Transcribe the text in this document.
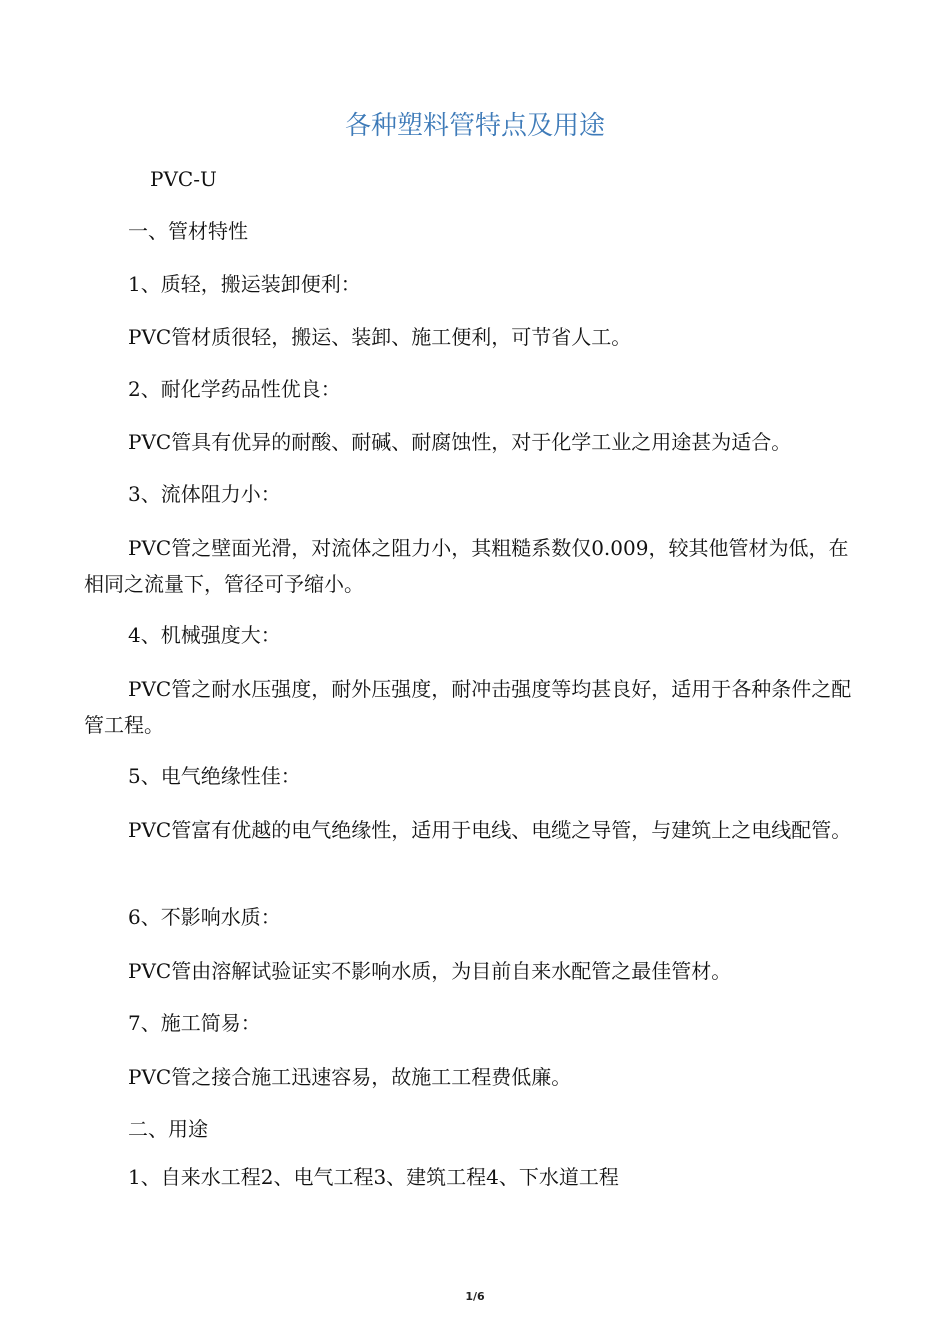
各种塑料管特点及用途

PVC-U

一、管材特性

1、质轻，搬运装卸便利：

PVC管材质很轻，搬运、装卸、施工便利，可节省人工。

2、耐化学药品性优良：

PVC管具有优异的耐酸、耐碱、耐腐蚀性，对于化学工业之用途甚为适合。

3、流体阻力小：

PVC管之壁面光滑，对流体之阻力小，其粗糙系数仅0.009，较其他管材为低，在相同之流量下，管径可予缩小。

4、机械强度大：

PVC管之耐水压强度，耐外压强度，耐冲击强度等均甚良好，适用于各种条件之配管工程。

5、电气绝缘性佳：

PVC管富有优越的电气绝缘性，适用于电线、电缆之导管，与建筑上之电线配管。

6、不影响水质：

PVC管由溶解试验证实不影响水质，为目前自来水配管之最佳管材。

7、施工简易：

PVC管之接合施工迅速容易，故施工工程费低廉。

二、用途

1、自来水工程2、电气工程3、建筑工程4、下水道工程

1/6
